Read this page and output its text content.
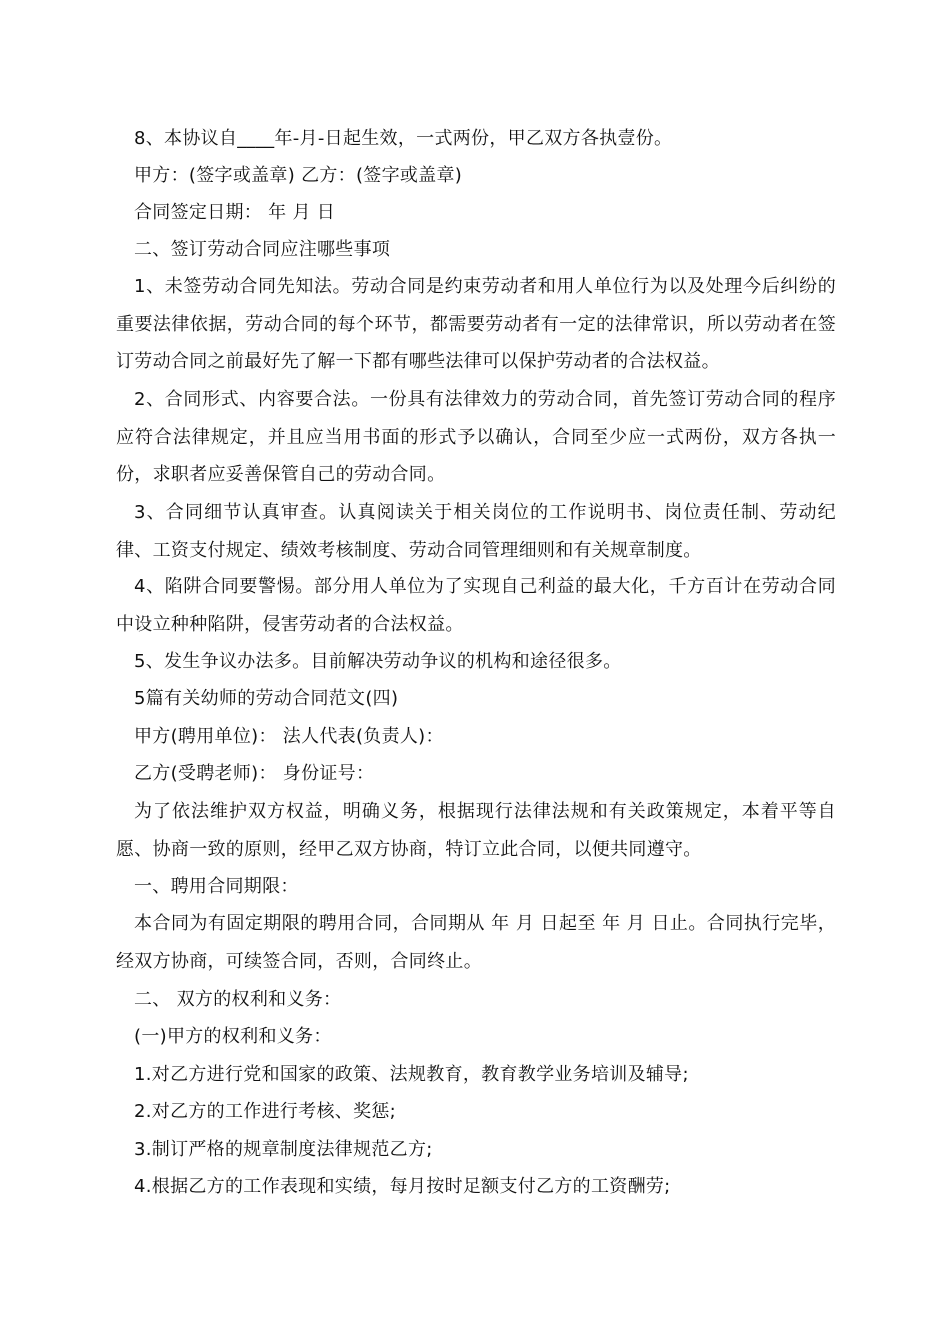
8、本协议自____年-月-日起生效，一式两份，甲乙双方各执壹份。

甲方：(签字或盖章) 乙方：(签字或盖章)

合同签定日期： 年 月 日

二、签订劳动合同应注哪些事项

1、未签劳动合同先知法。劳动合同是约束劳动者和用人单位行为以及处理今后纠纷的重要法律依据，劳动合同的每个环节，都需要劳动者有一定的法律常识，所以劳动者在签订劳动合同之前最好先了解一下都有哪些法律可以保护劳动者的合法权益。

2、合同形式、内容要合法。一份具有法律效力的劳动合同，首先签订劳动合同的程序应符合法律规定，并且应当用书面的形式予以确认，合同至少应一式两份，双方各执一份，求职者应妥善保管自己的劳动合同。

3、合同细节认真审查。认真阅读关于相关岗位的工作说明书、岗位责任制、劳动纪律、工资支付规定、绩效考核制度、劳动合同管理细则和有关规章制度。

4、陷阱合同要警惕。部分用人单位为了实现自己利益的最大化，千方百计在劳动合同中设立种种陷阱，侵害劳动者的合法权益。

5、发生争议办法多。目前解决劳动争议的机构和途径很多。

5篇有关幼师的劳动合同范文(四)

甲方(聘用单位)： 法人代表(负责人)：

乙方(受聘老师)： 身份证号：

为了依法维护双方权益，明确义务，根据现行法律法规和有关政策规定，本着平等自愿、协商一致的原则，经甲乙双方协商，特订立此合同，以便共同遵守。

一、聘用合同期限：

本合同为有固定期限的聘用合同，合同期从 年 月 日起至 年 月 日止。合同执行完毕，经双方协商，可续签合同，否则，合同终止。

二、 双方的权利和义务：

(一)甲方的权利和义务：

1.对乙方进行党和国家的政策、法规教育，教育教学业务培训及辅导;

2.对乙方的工作进行考核、奖惩;

3.制订严格的规章制度法律规范乙方;

4.根据乙方的工作表现和实绩，每月按时足额支付乙方的工资酬劳;
